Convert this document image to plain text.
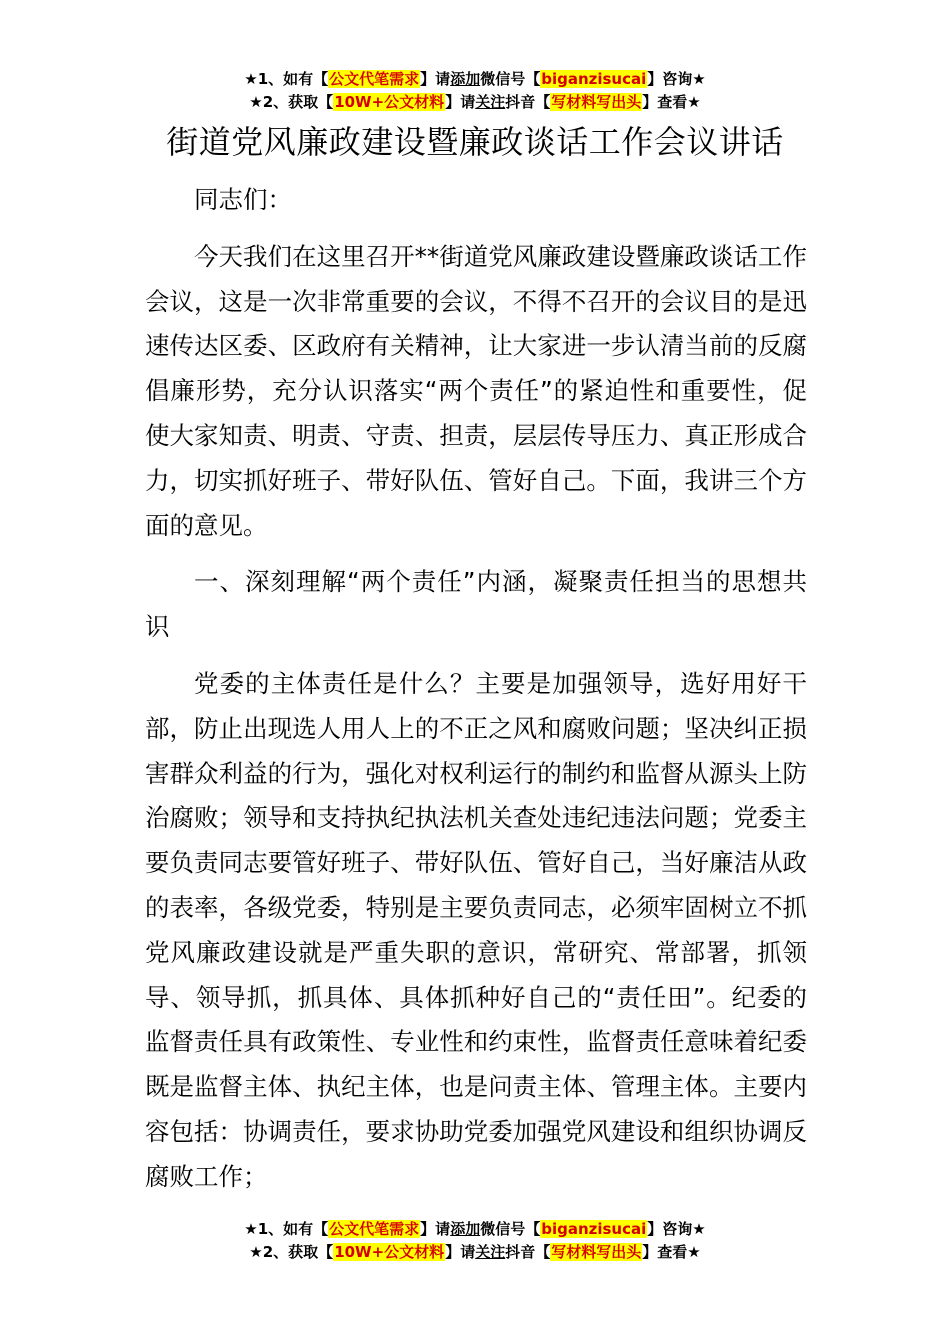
★1、如有【公文代笔需求】请添加微信号【biganzisucai】咨询★
★2、获取【10W+公文材料】请关注抖音【写材料写出头】查看★
街道党风廉政建设暨廉政谈话工作会议讲话

同志们：

今天我们在这里召开**街道党风廉政建设暨廉政谈话工作会议，这是一次非常重要的会议，不得不召开的会议目的是迅速传达区委、区政府有关精神，让大家进一步认清当前的反腐倡廉形势，充分认识落实“两个责任”的紧迫性和重要性，促使大家知责、明责、守责、担责，层层传导压力、真正形成合力，切实抓好班子、带好队伍、管好自己。下面，我讲三个方面的意见。

一、深刻理解“两个责任”内涵，凝聚责任担当的思想共识

党委的主体责任是什么？主要是加强领导，选好用好干部，防止出现选人用人上的不正之风和腐败问题；坚决纠正损害群众利益的行为，强化对权利运行的制约和监督从源头上防治腐败；领导和支持执纪执法机关查处违纪违法问题；党委主要负责同志要管好班子、带好队伍、管好自己，当好廉洁从政的表率，各级党委，特别是主要负责同志，必须牢固树立不抓党风廉政建设就是严重失职的意识，常研究、常部署，抓领导、领导抓，抓具体、具体抓种好自己的“责任田”。纪委的监督责任具有政策性、专业性和约束性，监督责任意味着纪委既是监督主体、执纪主体，也是问责主体、管理主体。主要内容包括：协调责任，要求协助党委加强党风建设和组织协调反腐败工作；

★1、如有【公文代笔需求】请添加微信号【biganzisucai】咨询★
★2、获取【10W+公文材料】请关注抖音【写材料写出头】查看★
